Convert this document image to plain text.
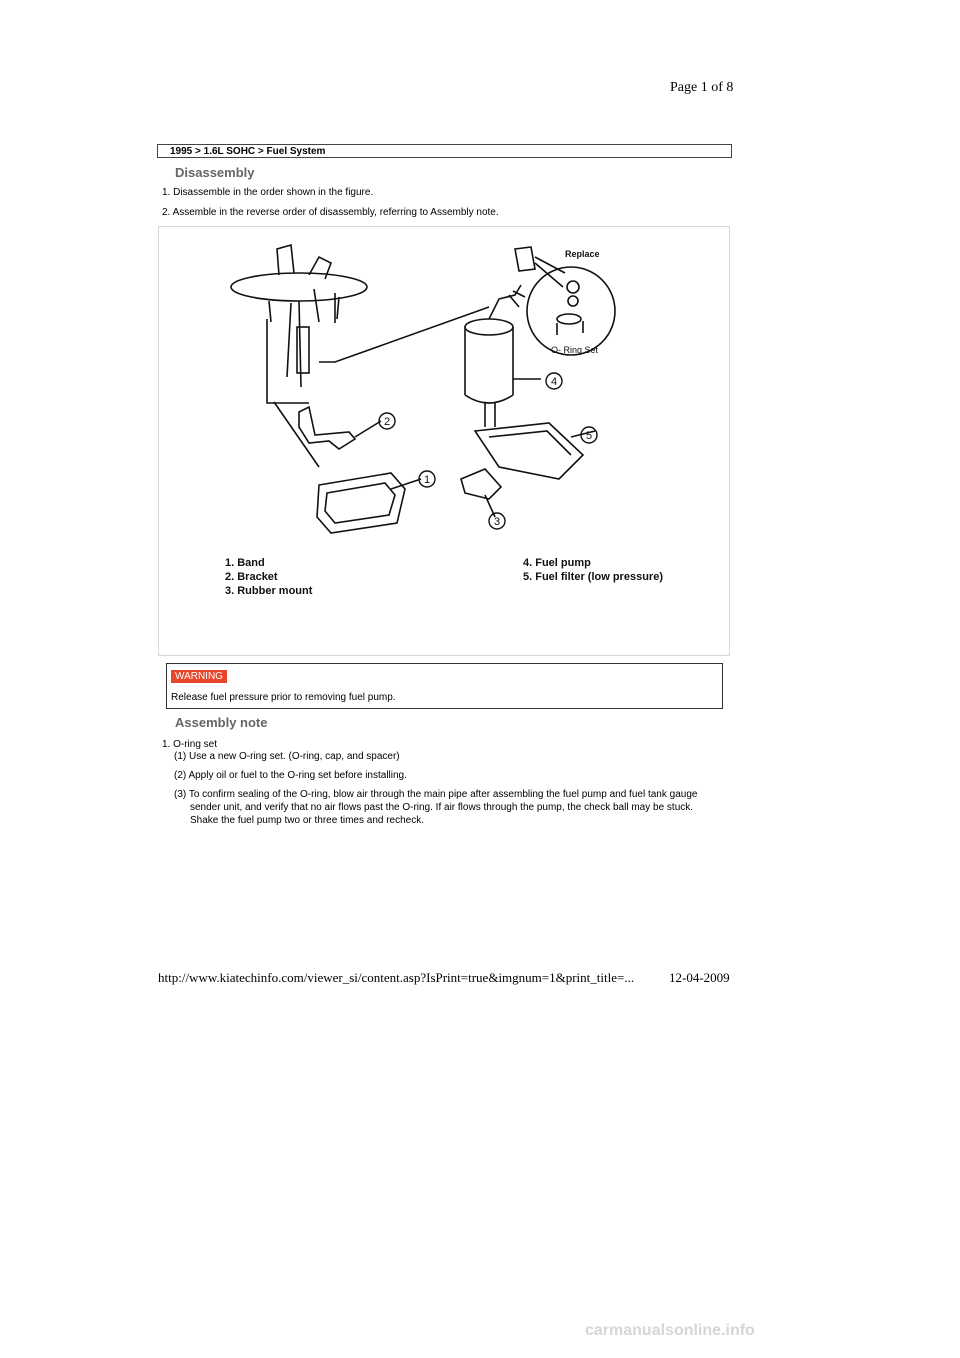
Page 1 of 8
1995 > 1.6L SOHC > Fuel System
Disassembly
1. Disassemble in the order shown in the figure.
2. Assemble in the reverse order of disassembly, referring to Assembly note.
1
2
3
4
5
Replace
O- Ring Set
1. Band
2. Bracket
3. Rubber mount
4. Fuel pump
5. Fuel filter (low pressure)
WARNING
Release fuel pressure prior to removing fuel pump.
Assembly note
1. O-ring set
(1) Use a new O-ring set. (O-ring, cap, and spacer)
(2) Apply oil or fuel to the O-ring set before installing.
(3) To confirm sealing of the O-ring, blow air through the main pipe after assembling the fuel pump and fuel tank gauge
sender unit, and verify that no air flows past the O-ring. If air flows through the pump, the check ball may be stuck.
Shake the fuel pump two or three times and recheck.
http://www.kiatechinfo.com/viewer_si/content.asp?IsPrint=true&imgnum=1&print_title=...	12-04-2009
carmanualsonline.info
